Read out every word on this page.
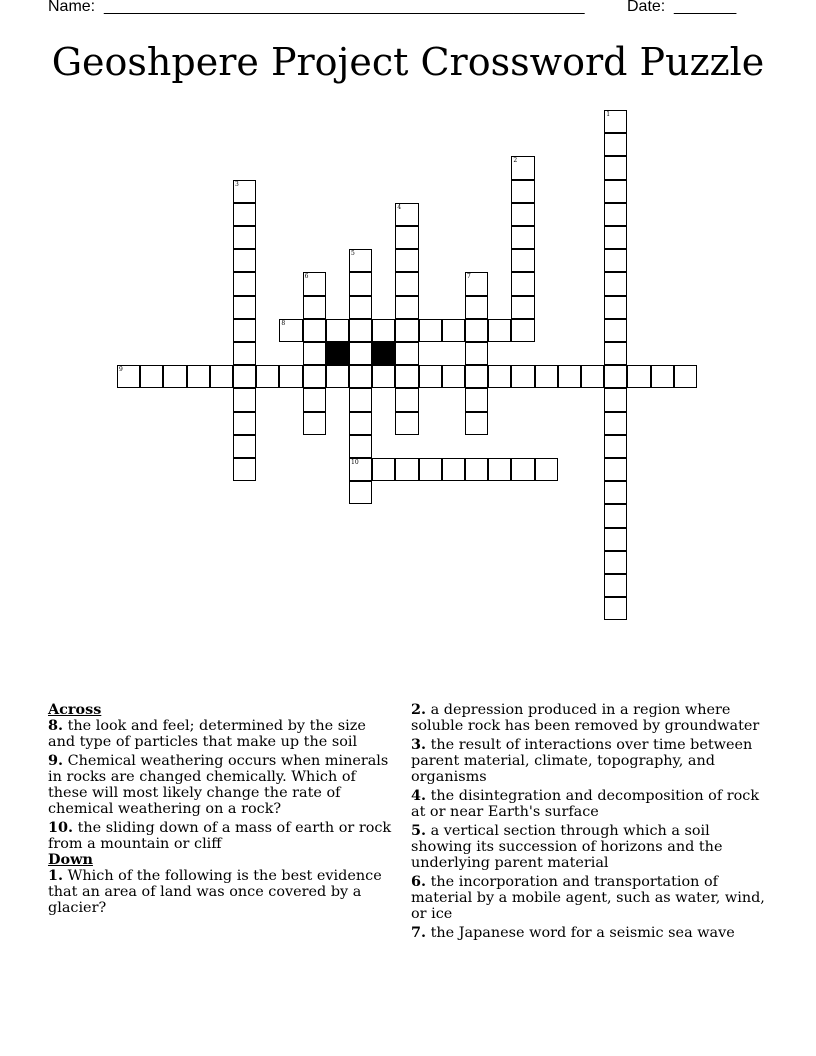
Name: ______________________________________________________	Date: _______
Geoshpere Project Crossword Puzzle
1
2
3
4
5
10
6	7
8
9

Across

8. the look and feel; determined by the size and type of particles that make up the soil

9. Chemical weathering occurs when minerals in rocks are changed chemically. Which of these will most likely change the rate of chemical weathering on a rock?

10. the sliding down of a mass of earth or rock from a mountain or cliff

Down

1. Which of the following is the best evidence that an area of land was once covered by a glacier?

2. a depression produced in a region where soluble rock has been removed by groundwater

3. the result of interactions over time between parent material, climate, topography, and organisms

4. the disintegration and decomposition of rock at or near Earth's surface

5. a vertical section through which a soil showing its succession of horizons and the underlying parent material

6. the incorporation and transportation of material by a mobile agent, such as water, wind, or ice

7. the Japanese word for a seismic sea wave
